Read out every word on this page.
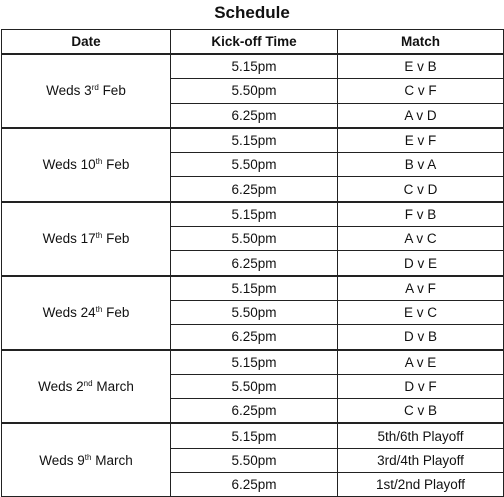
Schedule
Date	Kick-off Time	Match
Weds 3rd Feb	5.15pm	E v B
	5.50pm	C v F
	6.25pm	A v D
Weds 10th Feb	5.15pm	E v F
	5.50pm	B v A
	6.25pm	C v D
Weds 17th Feb	5.15pm	F v B
	5.50pm	A v C
	6.25pm	D v E
Weds 24th Feb	5.15pm	A v F
	5.50pm	E v C
	6.25pm	D v B
Weds 2nd March	5.15pm	A v E
	5.50pm	D v F
	6.25pm	C v B
Weds 9th March	5.15pm	5th/6th Playoff
	5.50pm	3rd/4th Playoff
	6.25pm	1st/2nd Playoff
